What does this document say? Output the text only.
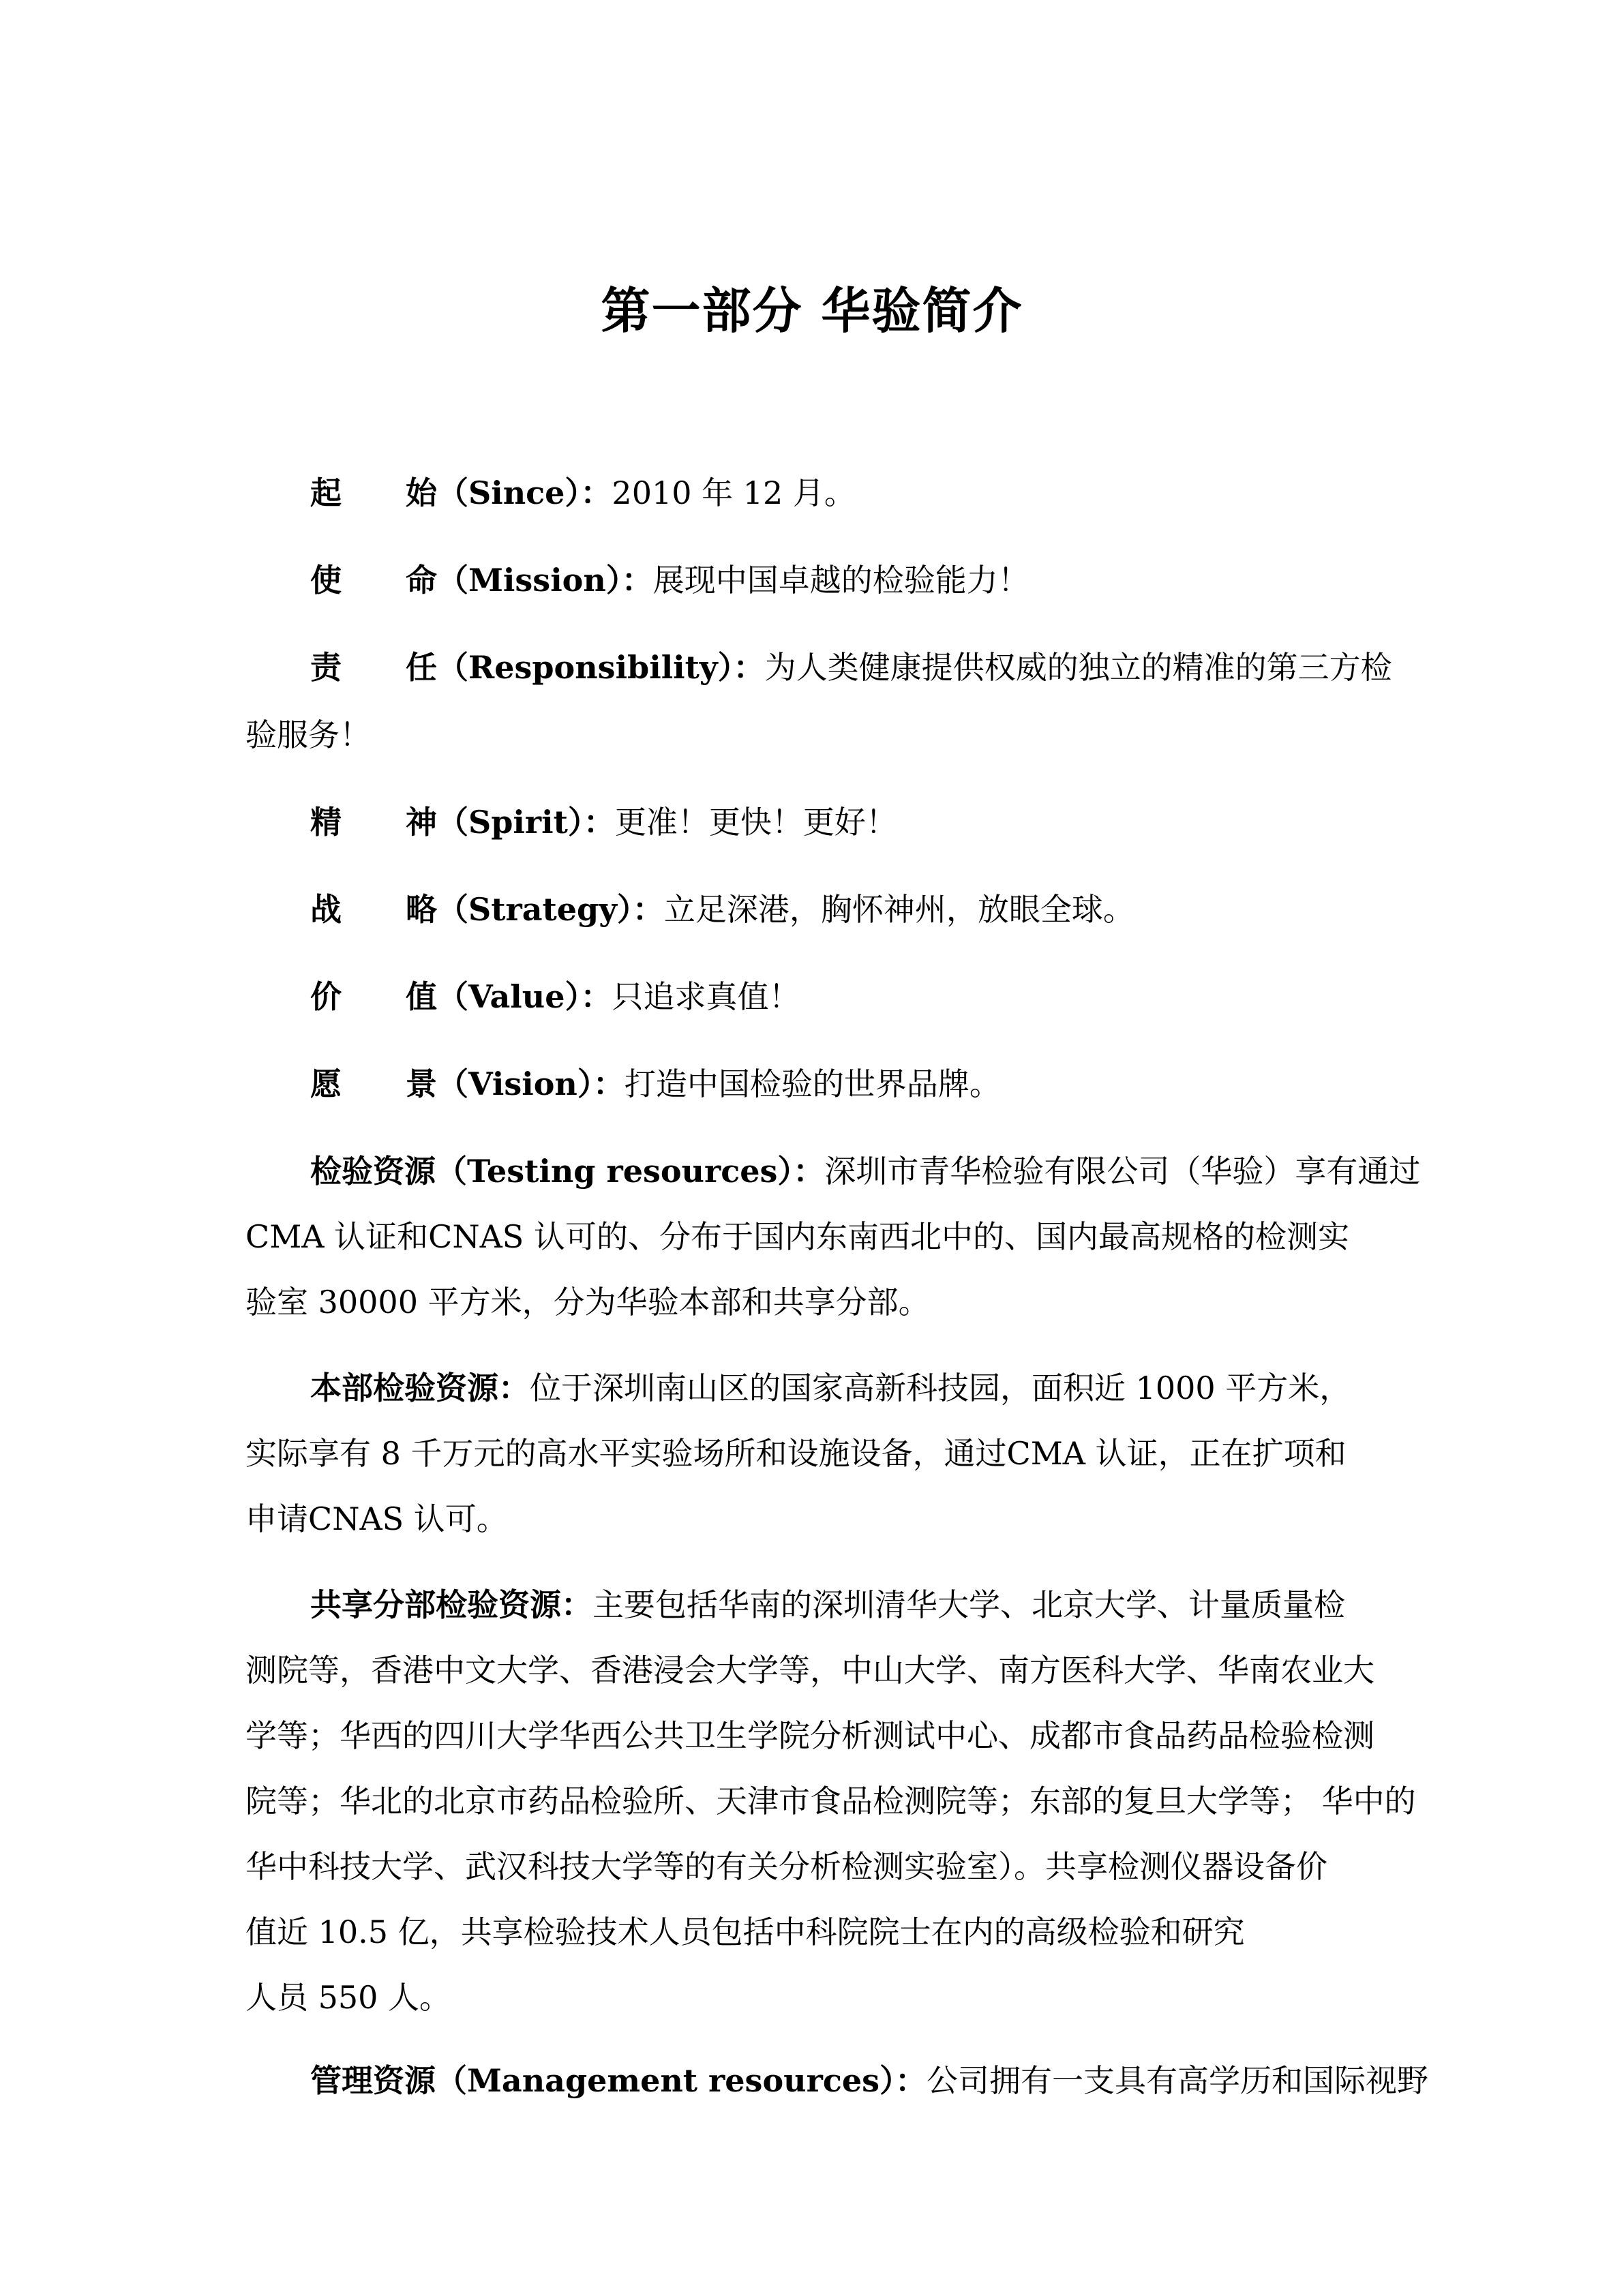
第一部分 华验简介
起 始（Since）：2010 年 12 月。
使 命（Mission）：展现中国卓越的检验能力！
责 任（Responsibility）：为人类健康提供权威的独立的精准的第三方检
验服务！
精 神（Spirit）：更准！更快！更好！
战 略（Strategy）：立足深港，胸怀神州，放眼全球。
价 值（Value）：只追求真值！
愿 景（Vision）：打造中国检验的世界品牌。
检验资源（Testing resources）：深圳市青华检验有限公司（华验）享有通过
CMA 认证和CNAS 认可的、分布于国内东南西北中的、国内最高规格的检测实
验室 30000 平方米，分为华验本部和共享分部。
本部检验资源：位于深圳南山区的国家高新科技园，面积近 1000 平方米，
实际享有 8 千万元的高水平实验场所和设施设备，通过CMA 认证，正在扩项和
申请CNAS 认可。
共享分部检验资源：主要包括华南的深圳清华大学、北京大学、计量质量检
测院等，香港中文大学、香港浸会大学等，中山大学、南方医科大学、华南农业大
学等；华西的四川大学华西公共卫生学院分析测试中心、成都市食品药品检验检测
院等；华北的北京市药品检验所、天津市食品检测院等；东部的复旦大学等； 华中的
华中科技大学、武汉科技大学等的有关分析检测实验室）。共享检测仪器设备价
值近 10.5 亿，共享检验技术人员包括中科院院士在内的高级检验和研究
人员 550 人。
管理资源（Management resources）：公司拥有一支具有高学历和国际视野
